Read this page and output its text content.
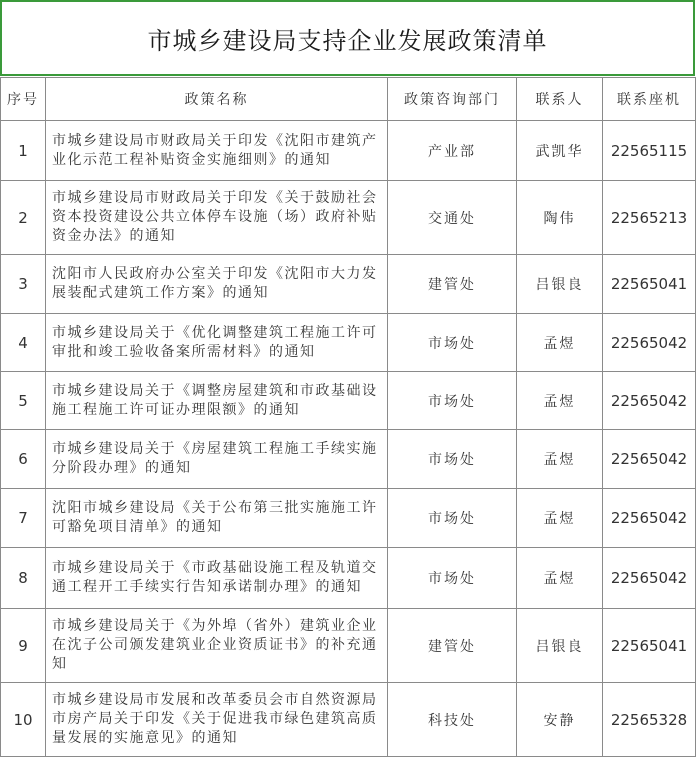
市城乡建设局支持企业发展政策清单
序号	政策名称	政策咨询部门	联系人	联系座机
1	市城乡建设局市财政局关于印发《沈阳市建筑产业化示范工程补贴资金实施细则》的通知	产业部	武凯华	22565115
2	市城乡建设局市财政局关于印发《关于鼓励社会资本投资建设公共立体停车设施（场）政府补贴资金办法》的通知	交通处	陶伟	22565213
3	沈阳市人民政府办公室关于印发《沈阳市大力发展装配式建筑工作方案》的通知	建管处	吕银良	22565041
4	市城乡建设局关于《优化调整建筑工程施工许可审批和竣工验收备案所需材料》的通知	市场处	孟煜	22565042
5	市城乡建设局关于《调整房屋建筑和市政基础设施工程施工许可证办理限额》的通知	市场处	孟煜	22565042
6	市城乡建设局关于《房屋建筑工程施工手续实施分阶段办理》的通知	市场处	孟煜	22565042
7	沈阳市城乡建设局《关于公布第三批实施施工许可豁免项目清单》的通知	市场处	孟煜	22565042
8	市城乡建设局关于《市政基础设施工程及轨道交通工程开工手续实行告知承诺制办理》的通知	市场处	孟煜	22565042
9	市城乡建设局关于《为外埠（省外）建筑业企业在沈子公司颁发建筑业企业资质证书》的补充通知	建管处	吕银良	22565041
10	市城乡建设局市发展和改革委员会市自然资源局市房产局关于印发《关于促进我市绿色建筑高质量发展的实施意见》的通知	科技处	安静	22565328
